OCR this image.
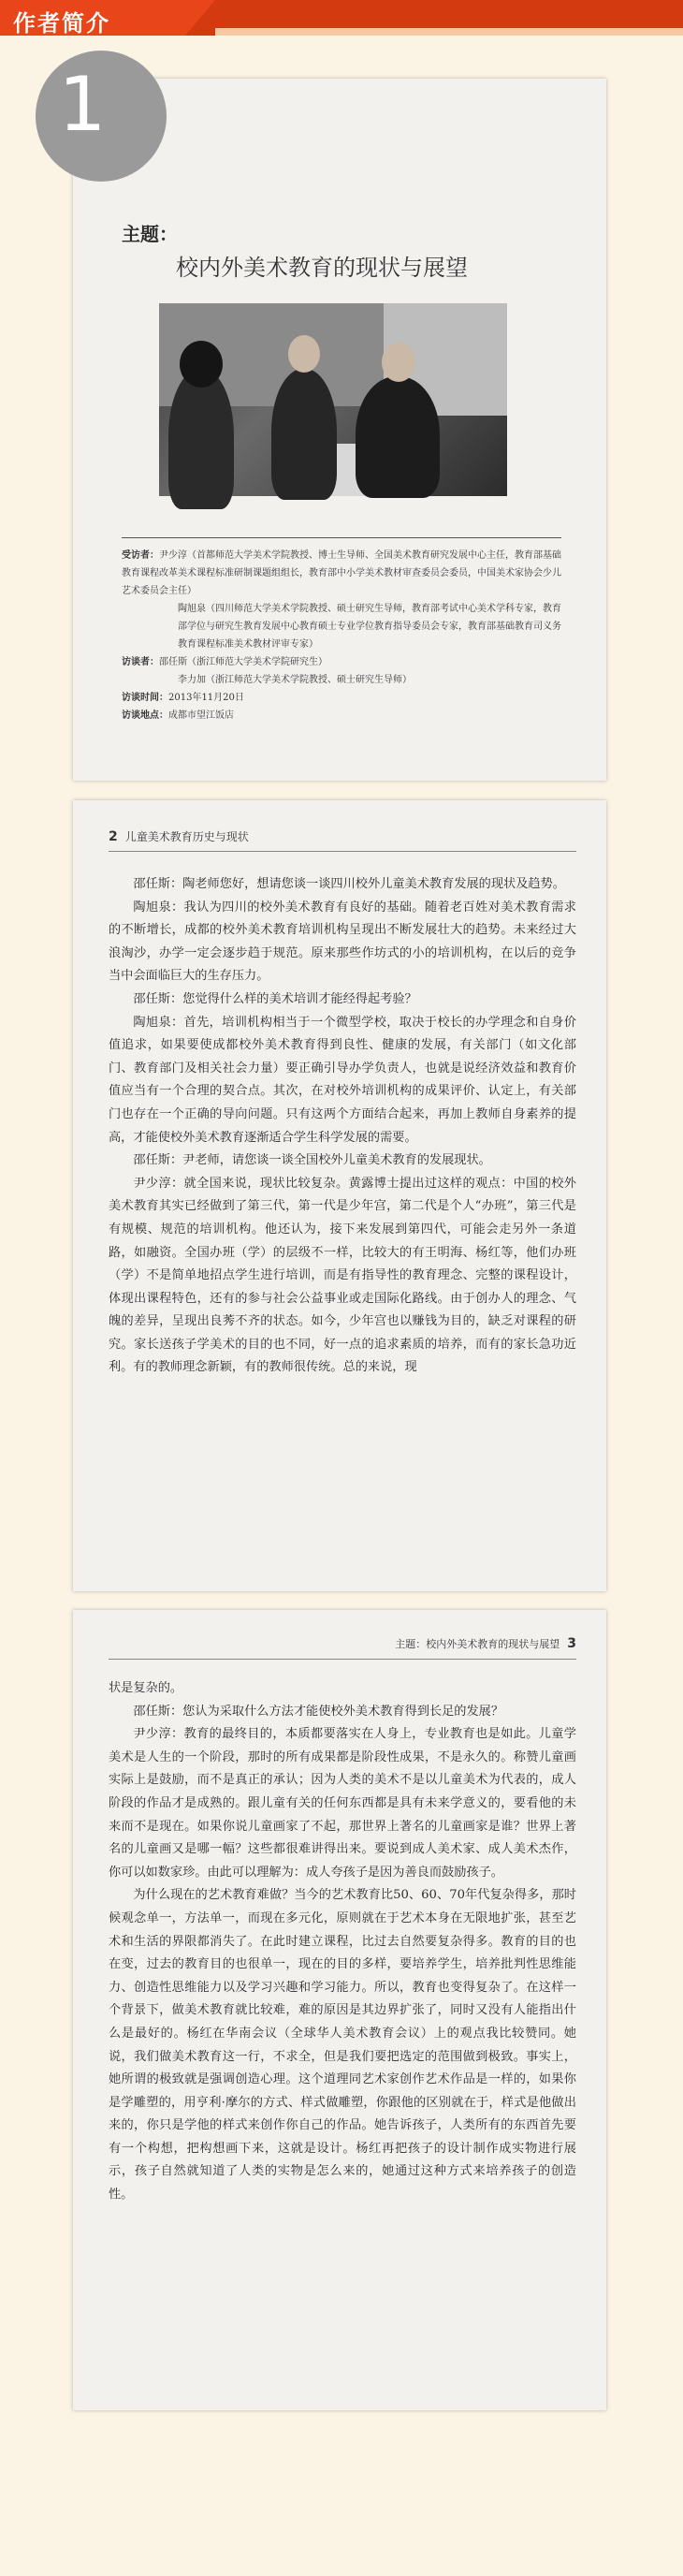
作者简介
1
主题：
校内外美术教育的现状与展望

受访者：尹少淳（首都师范大学美术学院教授、博士生导师、全国美术教育研究发展中心主任，教育部基础教育课程改革美术课程标准研制课题组组长，教育部中小学美术教材审查委员会委员，中国美术家协会少儿艺术委员会主任）

陶旭泉（四川师范大学美术学院教授、硕士研究生导师，教育部考试中心美术学科专家，教育部学位与研究生教育发展中心教育硕士专业学位教育指导委员会专家，教育部基础教育司义务教育课程标准美术教材评审专家）

访谈者：邵任斯（浙江师范大学美术学院研究生）

李力加（浙江师范大学美术学院教授、硕士研究生导师）

访谈时间：2013年11月20日

访谈地点：成都市望江饭店

2 儿童美术教育历史与现状

邵任斯：陶老师您好，想请您谈一谈四川校外儿童美术教育发展的现状及趋势。

陶旭泉：我认为四川的校外美术教育有良好的基础。随着老百姓对美术教育需求的不断增长，成都的校外美术教育培训机构呈现出不断发展壮大的趋势。未来经过大浪淘沙，办学一定会逐步趋于规范。原来那些作坊式的小的培训机构，在以后的竞争当中会面临巨大的生存压力。

邵任斯：您觉得什么样的美术培训才能经得起考验？

陶旭泉：首先，培训机构相当于一个微型学校，取决于校长的办学理念和自身价值追求，如果要使成都校外美术教育得到良性、健康的发展，有关部门（如文化部门、教育部门及相关社会力量）要正确引导办学负责人，也就是说经济效益和教育价值应当有一个合理的契合点。其次，在对校外培训机构的成果评价、认定上，有关部门也存在一个正确的导向问题。只有这两个方面结合起来，再加上教师自身素养的提高，才能使校外美术教育逐渐适合学生科学发展的需要。

邵任斯：尹老师，请您谈一谈全国校外儿童美术教育的发展现状。

尹少淳：就全国来说，现状比较复杂。黄露博士提出过这样的观点：中国的校外美术教育其实已经做到了第三代，第一代是少年宫，第二代是个人“办班”，第三代是有规模、规范的培训机构。他还认为，接下来发展到第四代，可能会走另外一条道路，如融资。全国办班（学）的层级不一样，比较大的有王明海、杨红等，他们办班（学）不是简单地招点学生进行培训，而是有指导性的教育理念、完整的课程设计，体现出课程特色，还有的参与社会公益事业或走国际化路线。由于创办人的理念、气魄的差异，呈现出良莠不齐的状态。如今，少年宫也以赚钱为目的，缺乏对课程的研究。家长送孩子学美术的目的也不同，好一点的追求素质的培养，而有的家长急功近利。有的教师理念新颖，有的教师很传统。总的来说，现

主题：校内外美术教育的现状与展望 3

状是复杂的。

邵任斯：您认为采取什么方法才能使校外美术教育得到长足的发展？

尹少淳：教育的最终目的，本质都要落实在人身上，专业教育也是如此。儿童学美术是人生的一个阶段，那时的所有成果都是阶段性成果，不是永久的。称赞儿童画实际上是鼓励，而不是真正的承认；因为人类的美术不是以儿童美术为代表的，成人阶段的作品才是成熟的。跟儿童有关的任何东西都是具有未来学意义的，要看他的未来而不是现在。如果你说儿童画家了不起，那世界上著名的儿童画家是谁？世界上著名的儿童画又是哪一幅？这些都很难讲得出来。要说到成人美术家、成人美术杰作，你可以如数家珍。由此可以理解为：成人夸孩子是因为善良而鼓励孩子。

为什么现在的艺术教育难做？当今的艺术教育比50、60、70年代复杂得多，那时候观念单一，方法单一，而现在多元化，原则就在于艺术本身在无限地扩张，甚至艺术和生活的界限都消失了。在此时建立课程，比过去自然要复杂得多。教育的目的也在变，过去的教育目的也很单一，现在的目的多样，要培养学生，培养批判性思维能力、创造性思维能力以及学习兴趣和学习能力。所以，教育也变得复杂了。在这样一个背景下，做美术教育就比较难，难的原因是其边界扩张了，同时又没有人能指出什么是最好的。杨红在华南会议（全球华人美术教育会议）上的观点我比较赞同。她说，我们做美术教育这一行，不求全，但是我们要把选定的范围做到极致。事实上，她所谓的极致就是强调创造心理。这个道理同艺术家创作艺术作品是一样的，如果你是学雕塑的，用亨利·摩尔的方式、样式做雕塑，你跟他的区别就在于，样式是他做出来的，你只是学他的样式来创作你自己的作品。她告诉孩子，人类所有的东西首先要有一个构想，把构想画下来，这就是设计。杨红再把孩子的设计制作成实物进行展示，孩子自然就知道了人类的实物是怎么来的，她通过这种方式来培养孩子的创造性。
